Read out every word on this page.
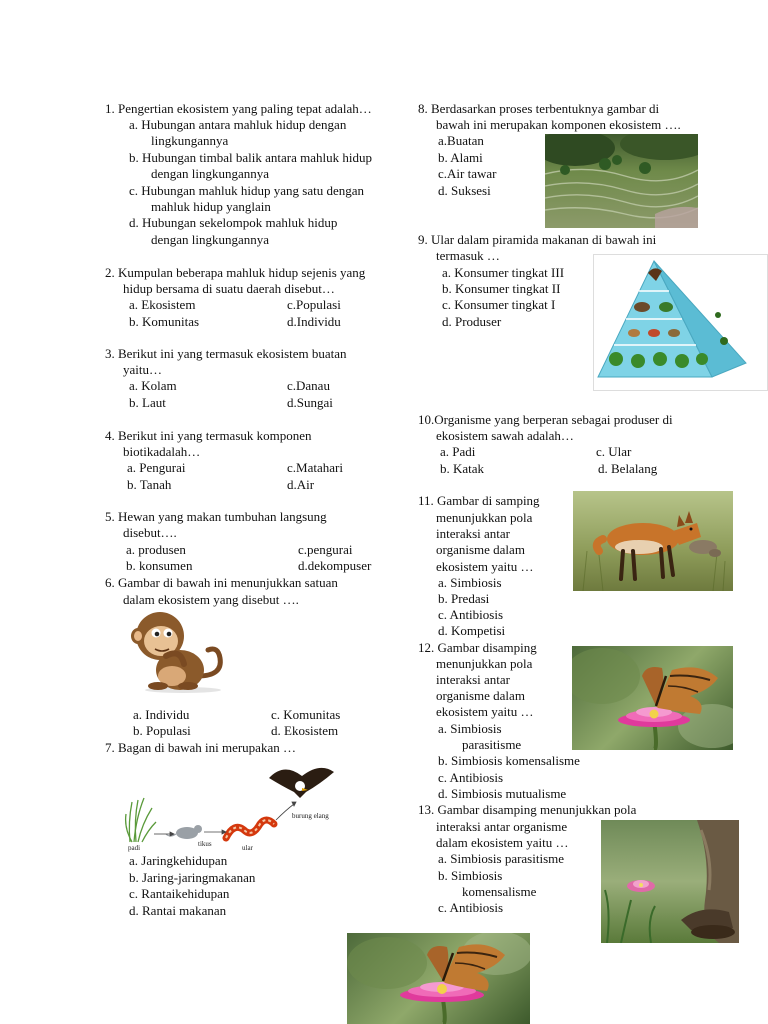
1. Pengertian ekosistem yang paling tepat adalah…
a. Hubungan antara mahluk hidup dengan
lingkungannya
b. Hubungan timbal balik antara mahluk hidup
dengan lingkungannya
c. Hubungan mahluk hidup yang satu dengan
mahluk hidup yanglain
d. Hubungan sekelompok mahluk hidup
dengan lingkungannya
2. Kumpulan beberapa mahluk hidup sejenis yang
hidup bersama di suatu daerah disebut…
a. Ekosistem	c.Populasi
b. Komunitas	d.Individu
3. Berikut ini yang termasuk ekosistem buatan
yaitu…
a. Kolam	c.Danau
b. Laut	d.Sungai
4. Berikut ini yang termasuk komponen
biotikadalah…
a. Pengurai	c.Matahari
b. Tanah	d.Air
5. Hewan yang makan tumbuhan langsung
disebut….
a. produsen	c.pengurai
b. konsumen	d.dekompuser
6. Gambar di bawah ini menunjukkan satuan
dalam ekosistem yang disebut ….
a. Individu	c. Komunitas
b. Populasi	d. Ekosistem
7. Bagan di bawah ini merupakan …
padi	tikus	ular
burung elang
a. Jaringkehidupan
b. Jaring-jaringmakanan
c. Rantaikehidupan
d. Rantai makanan
8. Berdasarkan proses terbentuknya gambar di
bawah ini merupakan komponen ekosistem ….
a.Buatan
b. Alami
c.Air tawar
d. Suksesi
9. Ular dalam piramida makanan di bawah ini
termasuk …
a. Konsumer tingkat III
b. Konsumer tingkat II
c. Konsumer tingkat I
d. Produser
10.Organisme yang berperan sebagai produser di
ekosistem sawah adalah…
a. Padi	c. Ular
b. Katak	d. Belalang
11. Gambar di samping
menunjukkan pola
interaksi antar
organisme dalam
ekosistem yaitu …
a. Simbiosis
b. Predasi
c. Antibiosis
d. Kompetisi
12. Gambar disamping
menunjukkan pola
interaksi antar
organisme dalam
ekosistem yaitu …
a. Simbiosis
parasitisme
b. Simbiosis komensalisme
c. Antibiosis
d. Simbiosis mutualisme
13. Gambar disamping menunjukkan pola
interaksi antar organisme
dalam ekosistem yaitu …
a. Simbiosis parasitisme
b. Simbiosis
komensalisme
c. Antibiosis
